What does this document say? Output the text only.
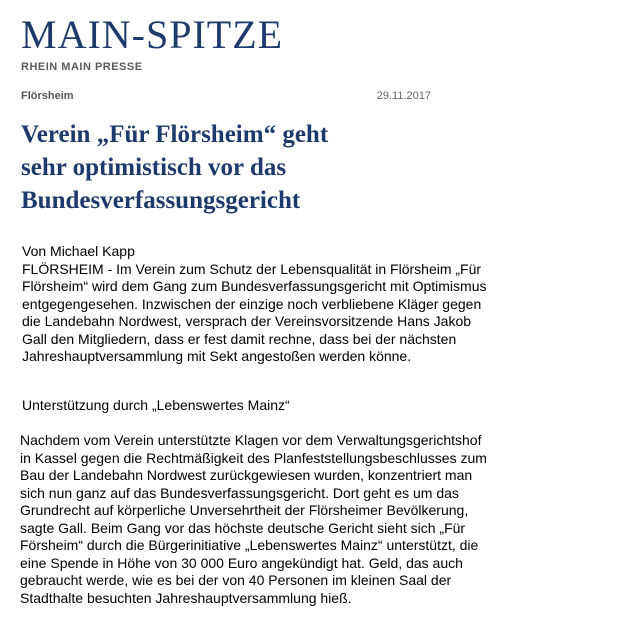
MAIN-SPITZE
RHEIN MAIN PRESSE
Flörsheim	29.11.2017
Verein „Für Flörsheim“ geht
sehr optimistisch vor das
Bundesverfassungsgericht

Von Michael Kapp

FLÖRSHEIM - Im Verein zum Schutz der Lebensqualität in Flörsheim „Für

Flörsheim“ wird dem Gang zum Bundesverfassungsgericht mit Optimismus

entgegengesehen. Inzwischen der einzige noch verbliebene Kläger gegen

die Landebahn Nordwest, versprach der Vereinsvorsitzende Hans Jakob

Gall den Mitgliedern, dass er fest damit rechne, dass bei der nächsten

Jahreshauptversammlung mit Sekt angestoßen werden könne.

Unterstützung durch „Lebenswertes Mainz“

Nachdem vom Verein unterstützte Klagen vor dem Verwaltungsgerichtshof

in Kassel gegen die Rechtmäßigkeit des Planfeststellungsbeschlusses zum

Bau der Landebahn Nordwest zurückgewiesen wurden, konzentriert man

sich nun ganz auf das Bundesverfassungsgericht. Dort geht es um das

Grundrecht auf körperliche Unversehrtheit der Flörsheimer Bevölkerung,

sagte Gall. Beim Gang vor das höchste deutsche Gericht sieht sich „Für

Försheim“ durch die Bürgerinitiative „Lebenswertes Mainz“ unterstützt, die

eine Spende in Höhe von 30 000 Euro angekündigt hat. Geld, das auch

gebraucht werde, wie es bei der von 40 Personen im kleinen Saal der

Stadthalte besuchten Jahreshauptversammlung hieß.
